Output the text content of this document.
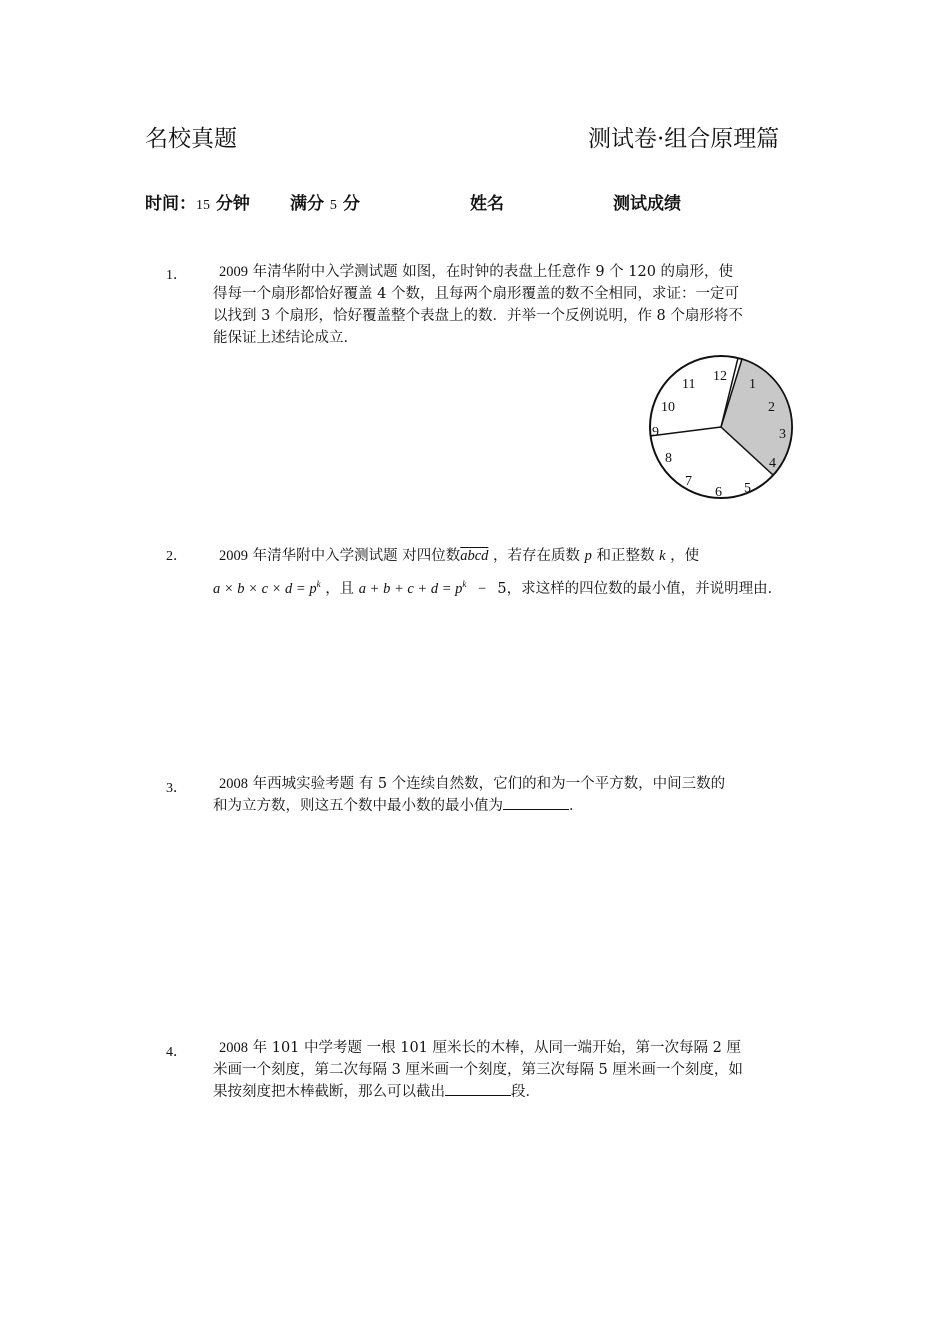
名校真题	测试卷·组合原理篇
时间：15 分钟 满分 5 分	姓名	测试成绩
1．	2009 年清华附中入学测试题 如图，在时钟的表盘上任意作 9 个 120 的扇形，使
得每一个扇形都恰好覆盖 4 个数，且每两个扇形覆盖的数不全相同，求证：一定可
以找到 3 个扇形，恰好覆盖整个表盘上的数．并举一个反例说明，作 8 个扇形将不
能保证上述结论成立．
12
1
2
3
4
5
6
7
8
9
10
11
2．	2009 年清华附中入学测试题 对四位数abcd ，若存在质数 p 和正整数 k ，使
$a \times b \times c \times d = p^k$ ，且 $a + b + c + d = p^k - 5$，求这样的四位数的最小值，并说明理由．
3．	2008 年西城实验考题 有 5 个连续自然数，它们的和为一个平方数，中间三数的
和为立方数，则这五个数中最小数的最小值为	．
4．	2008 年 101 中学考题 一根 101 厘米长的木棒，从同一端开始，第一次每隔 2 厘
米画一个刻度，第二次每隔 3 厘米画一个刻度，第三次每隔 5 厘米画一个刻度，如
果按刻度把木棒截断，那么可以截出	段．
